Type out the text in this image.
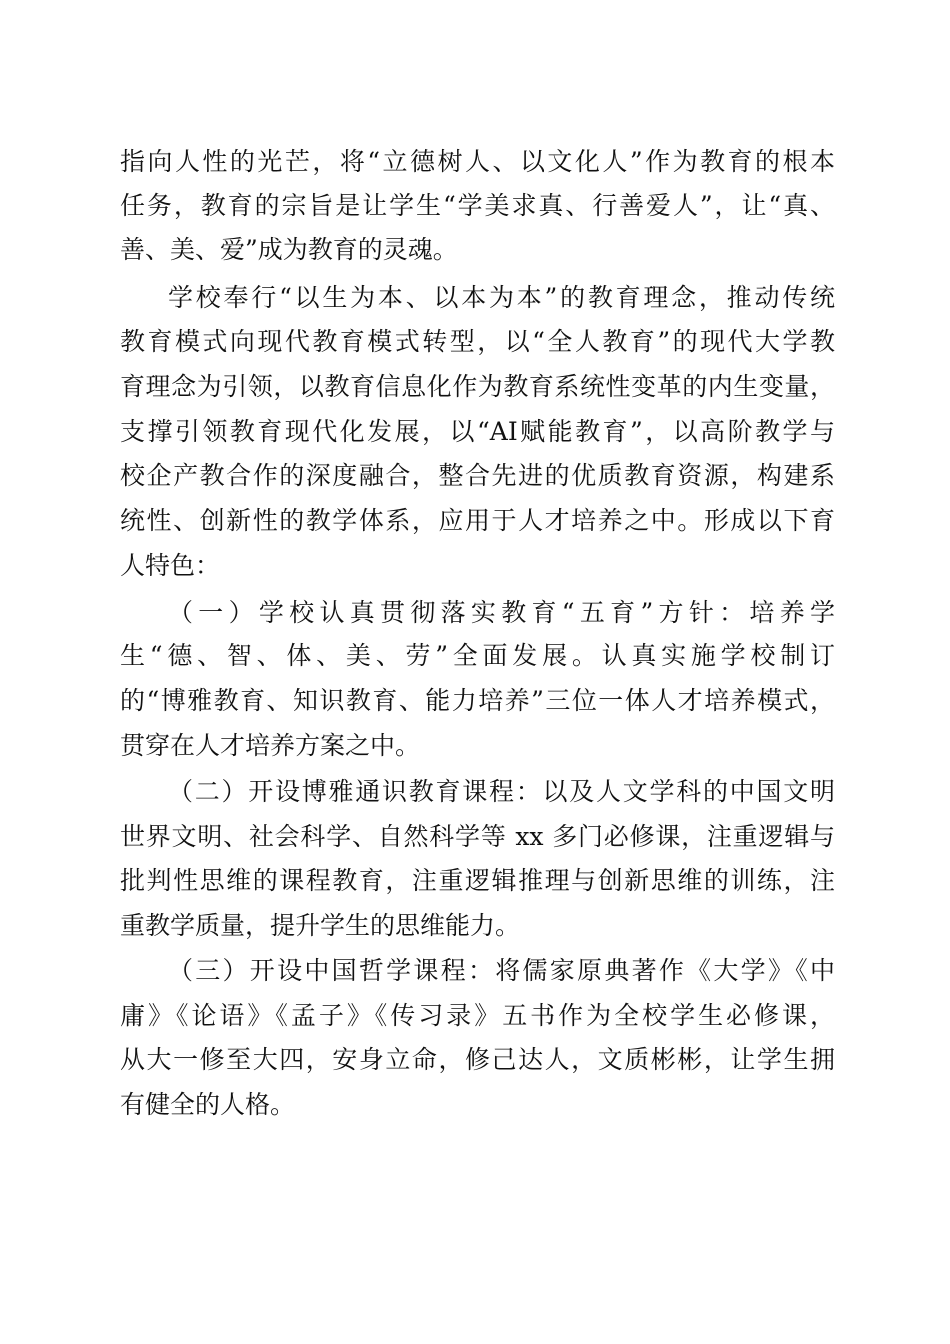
指向人性的光芒，将“立德树人、以文化人”作为教育的根本
任务，教育的宗旨是让学生“学美求真、行善爱人”，让“真、
善、美、爱”成为教育的灵魂。
学校奉行“以生为本、以本为本”的教育理念，推动传统
教育模式向现代教育模式转型，以“全人教育”的现代大学教
育理念为引领，以教育信息化作为教育系统性变革的内生变量，
支撑引领教育现代化发展，以“AI赋能教育”，以高阶教学与
校企产教合作的深度融合，整合先进的优质教育资源，构建系
统性、创新性的教学体系，应用于人才培养之中。形成以下育
人特色：
（一）学校认真贯彻落实教育“五育”方针：培养学
生“德、智、体、美、劳”全面发展。认真实施学校制订
的“博雅教育、知识教育、能力培养”三位一体人才培养模式，
贯穿在人才培养方案之中。
（二）开设博雅通识教育课程：以及人文学科的中国文明
世界文明、社会科学、自然科学等 xx 多门必修课，注重逻辑与
批判性思维的课程教育，注重逻辑推理与创新思维的训练，注
重教学质量，提升学生的思维能力。
（三）开设中国哲学课程：将儒家原典著作《大学》《中
庸》《论语》《孟子》《传习录》五书作为全校学生必修课，
从大一修至大四，安身立命，修己达人，文质彬彬，让学生拥
有健全的人格。
